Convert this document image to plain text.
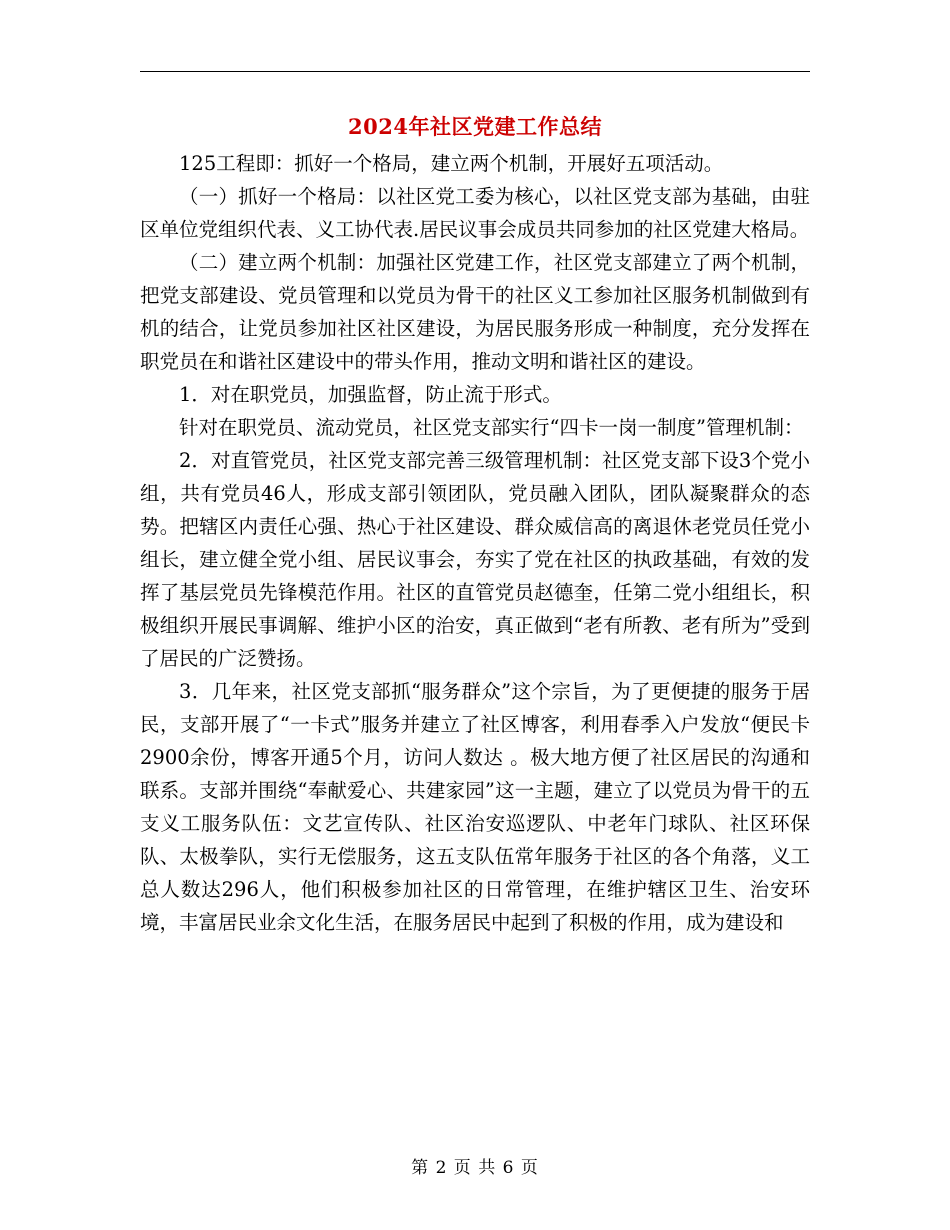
2024年社区党建工作总结

125工程即：抓好一个格局，建立两个机制，开展好五项活动。

（一）抓好一个格局：以社区党工委为核心，以社区党支部为基础，由驻区单位党组织代表、义工协代表.居民议事会成员共同参加的社区党建大格局。

（二）建立两个机制：加强社区党建工作，社区党支部建立了两个机制，把党支部建设、党员管理和以党员为骨干的社区义工参加社区服务机制做到有机的结合，让党员参加社区社区建设，为居民服务形成一种制度，充分发挥在职党员在和谐社区建设中的带头作用，推动文明和谐社区的建设。

1．对在职党员，加强监督，防止流于形式。

针对在职党员、流动党员，社区党支部实行“四卡一岗一制度”管理机制：

2．对直管党员，社区党支部完善三级管理机制：社区党支部下设3个党小组，共有党员46人，形成支部引领团队，党员融入团队，团队凝聚群众的态势。把辖区内责任心强、热心于社区建设、群众威信高的离退休老党员任党小组长，建立健全党小组、居民议事会，夯实了党在社区的执政基础，有效的发挥了基层党员先锋模范作用。社区的直管党员赵德奎，任第二党小组组长，积极组织开展民事调解、维护小区的治安，真正做到“老有所教、老有所为”受到了居民的广泛赞扬。

3．几年来，社区党支部抓“服务群众”这个宗旨，为了更便捷的服务于居民，支部开展了“一卡式”服务并建立了社区博客，利用春季入户发放“便民卡2900余份，博客开通5个月，访问人数达 。极大地方便了社区居民的沟通和联系。支部并围绕“奉献爱心、共建家园”这一主题，建立了以党员为骨干的五支义工服务队伍：文艺宣传队、社区治安巡逻队、中老年门球队、社区环保队、太极拳队，实行无偿服务，这五支队伍常年服务于社区的各个角落，义工总人数达296人，他们积极参加社区的日常管理，在维护辖区卫生、治安环境，丰富居民业余文化生活，在服务居民中起到了积极的作用，成为建设和

第 2 页 共 6 页
